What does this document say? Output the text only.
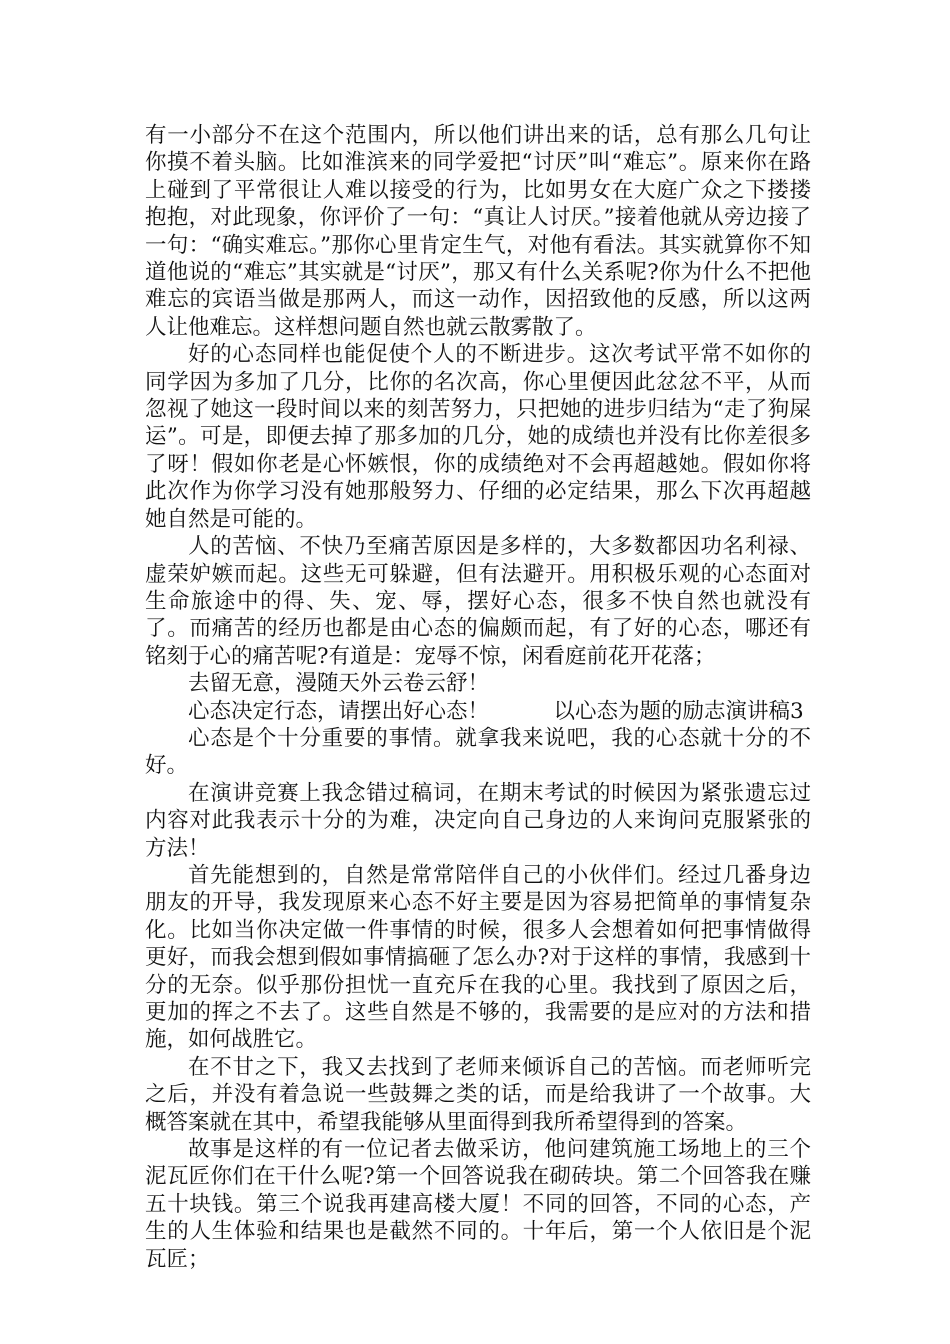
有一小部分不在这个范围内，所以他们讲出来的话，总有那么几句让你摸不着头脑。比如淮滨来的同学爱把“讨厌”叫“难忘”。原来你在路上碰到了平常很让人难以接受的行为，比如男女在大庭广众之下搂搂抱抱，对此现象，你评价了一句：“真让人讨厌。”接着他就从旁边接了一句：“确实难忘。”那你心里肯定生气，对他有看法。其实就算你不知道他说的“难忘”其实就是“讨厌”，那又有什么关系呢?你为什么不把他难忘的宾语当做是那两人，而这一动作，因招致他的反感，所以这两人让他难忘。这样想问题自然也就云散雾散了。

好的心态同样也能促使个人的不断进步。这次考试平常不如你的同学因为多加了几分，比你的名次高，你心里便因此忿忿不平，从而忽视了她这一段时间以来的刻苦努力，只把她的进步归结为“走了狗屎运”。可是，即便去掉了那多加的几分，她的成绩也并没有比你差很多了呀！假如你老是心怀嫉恨，你的成绩绝对不会再超越她。假如你将此次作为你学习没有她那般努力、仔细的必定结果，那么下次再超越她自然是可能的。

人的苦恼、不快乃至痛苦原因是多样的，大多数都因功名利禄、虚荣妒嫉而起。这些无可躲避，但有法避开。用积极乐观的心态面对生命旅途中的得、失、宠、辱，摆好心态，很多不快自然也就没有了。而痛苦的经历也都是由心态的偏颇而起，有了好的心态，哪还有铭刻于心的痛苦呢?有道是：宠辱不惊，闲看庭前花开花落；

去留无意，漫随天外云卷云舒！

心态决定行态，请摆出好心态！　　　以心态为题的励志演讲稿3

心态是个十分重要的事情。就拿我来说吧，我的心态就十分的不好。

在演讲竞赛上我念错过稿词，在期末考试的时候因为紧张遗忘过内容对此我表示十分的为难，决定向自己身边的人来询问克服紧张的方法！

首先能想到的，自然是常常陪伴自己的小伙伴们。经过几番身边朋友的开导，我发现原来心态不好主要是因为容易把简单的事情复杂化。比如当你决定做一件事情的时候，很多人会想着如何把事情做得更好，而我会想到假如事情搞砸了怎么办?对于这样的事情，我感到十分的无奈。似乎那份担忧一直充斥在我的心里。我找到了原因之后，更加的挥之不去了。这些自然是不够的，我需要的是应对的方法和措施，如何战胜它。

在不甘之下，我又去找到了老师来倾诉自己的苦恼。而老师听完之后，并没有着急说一些鼓舞之类的话，而是给我讲了一个故事。大概答案就在其中，希望我能够从里面得到我所希望得到的答案。

故事是这样的有一位记者去做采访，他问建筑施工场地上的三个泥瓦匠你们在干什么呢?第一个回答说我在砌砖块。第二个回答我在赚五十块钱。第三个说我再建高楼大厦！不同的回答，不同的心态，产生的人生体验和结果也是截然不同的。十年后，第一个人依旧是个泥瓦匠；
